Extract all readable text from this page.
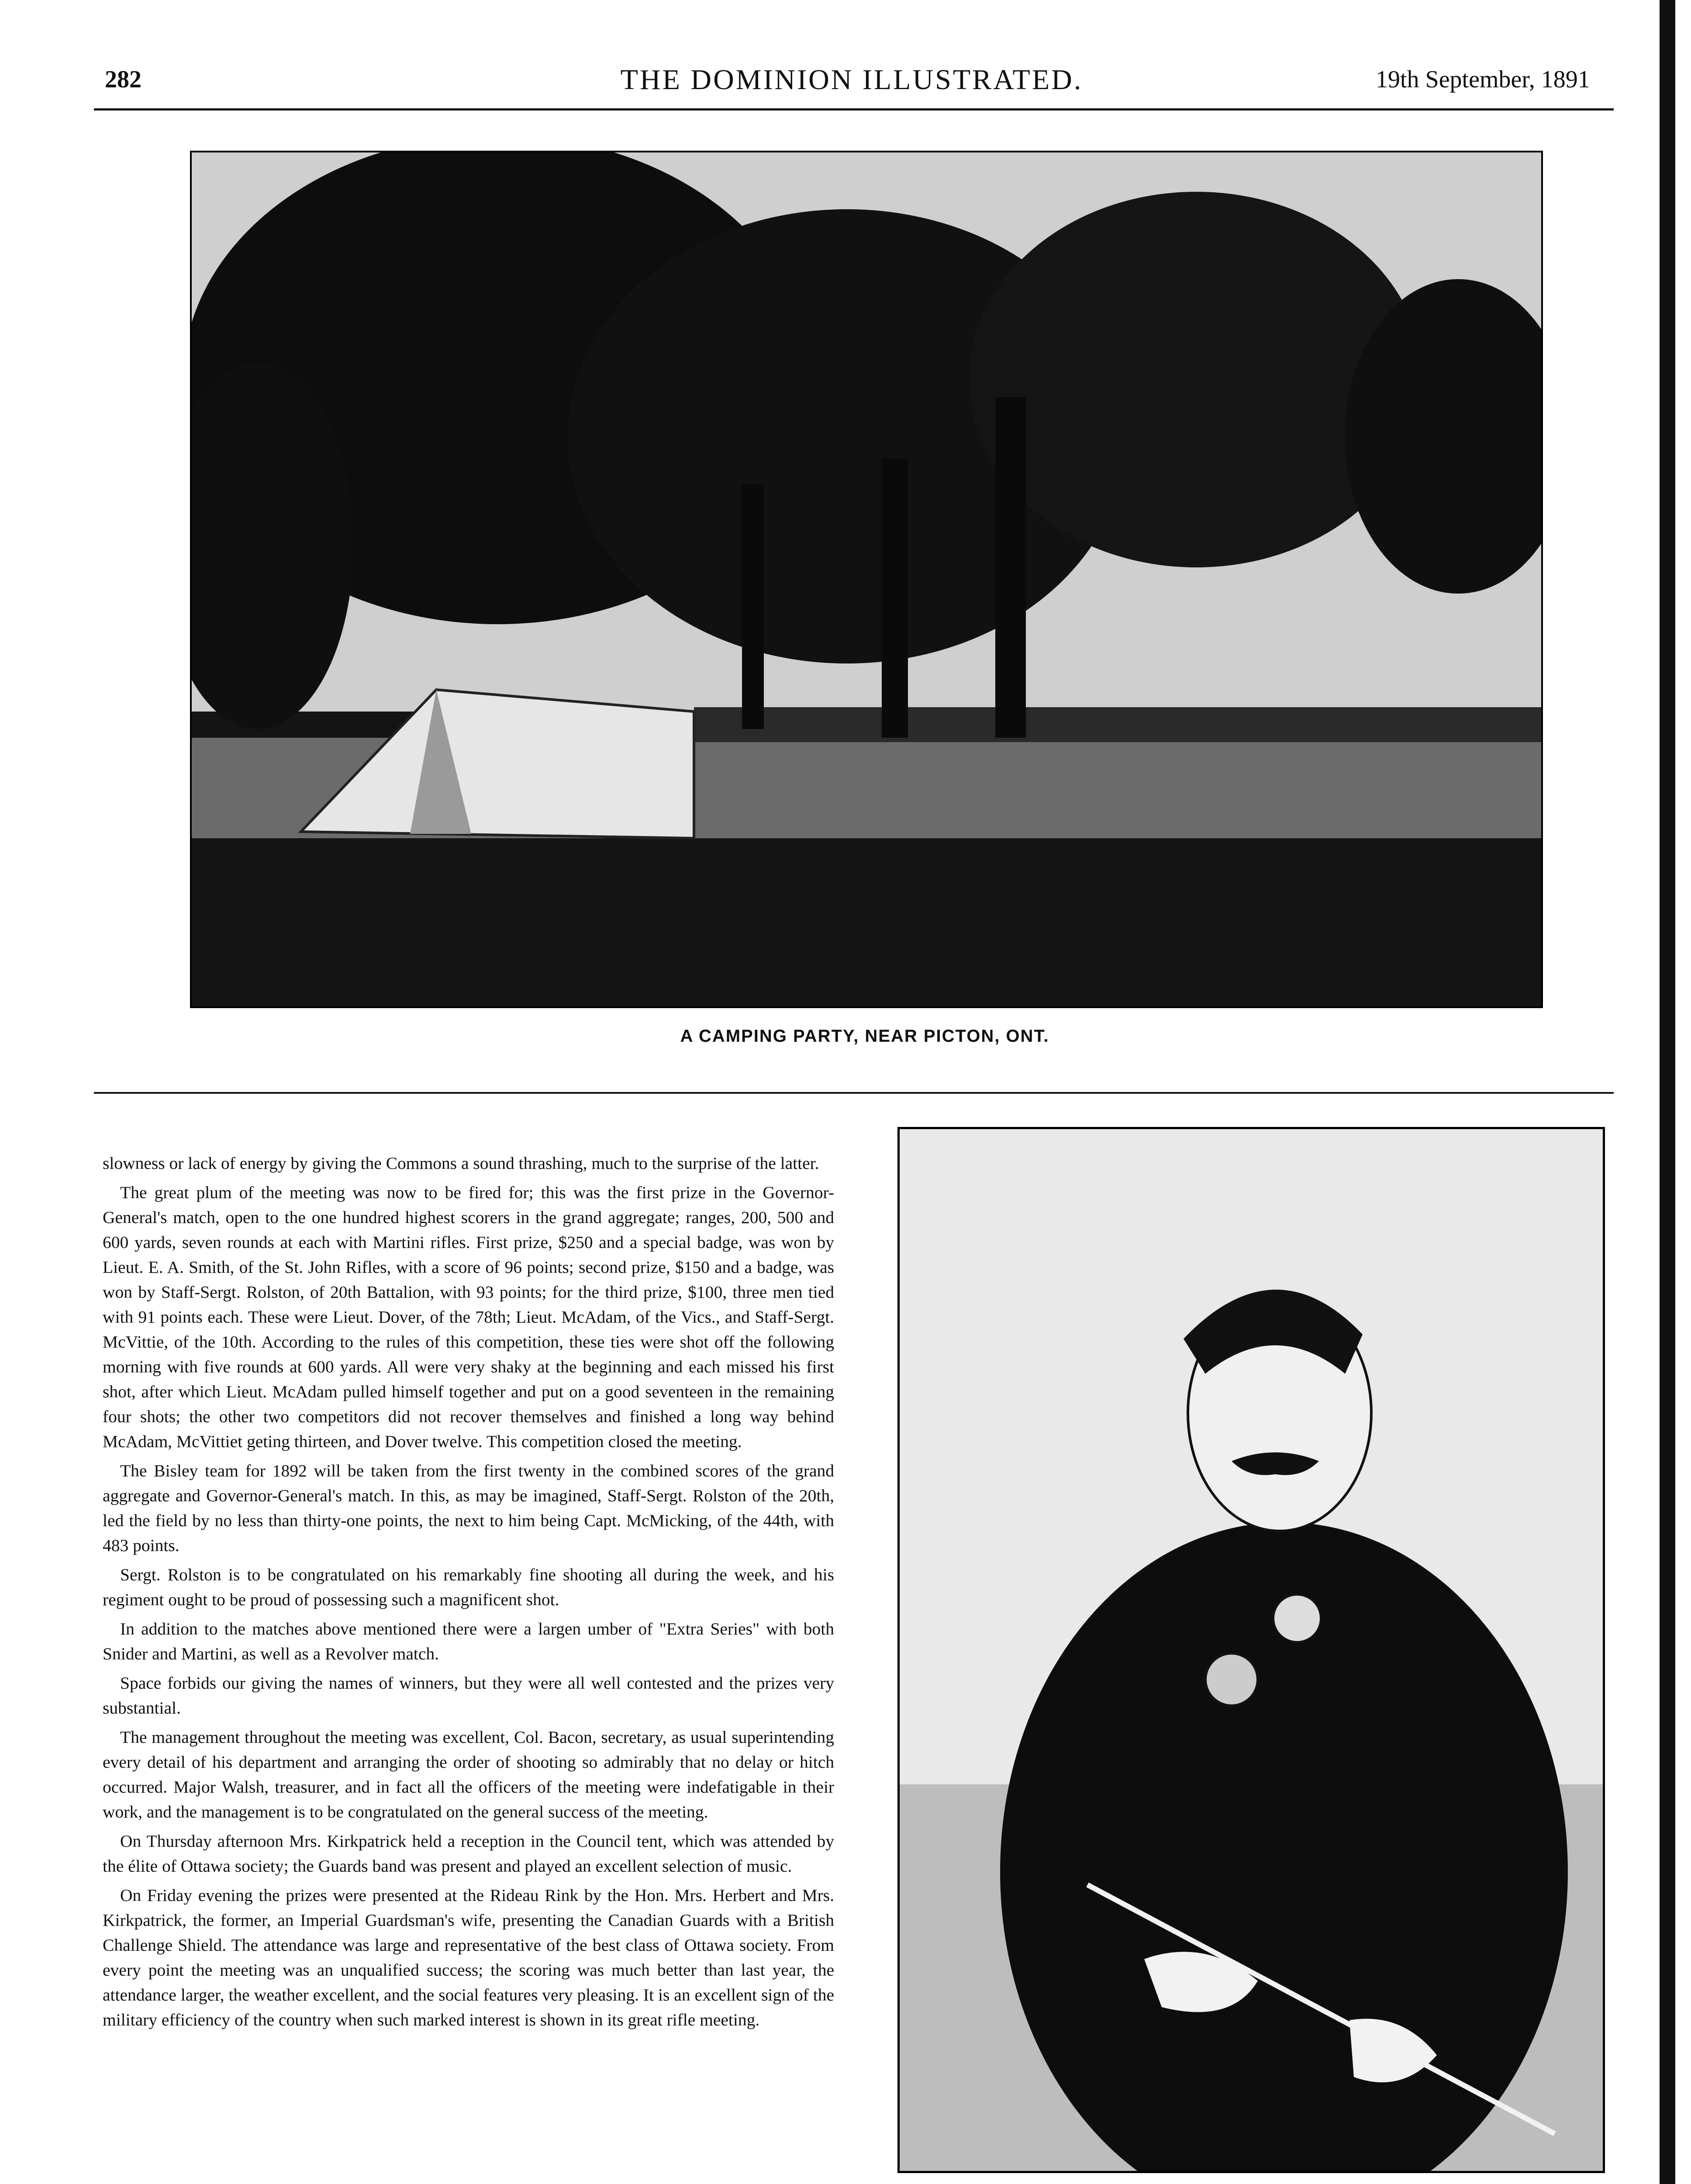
282	THE DOMINION ILLUSTRATED.	19th September, 1891
A CAMPING PARTY, NEAR PICTON, ONT.

slowness or lack of energy by giving the Commons a sound thrashing, much to the surprise of the latter.

The great plum of the meeting was now to be fired for; this was the first prize in the Governor-General's match, open to the one hundred highest scorers in the grand aggregate; ranges, 200, 500 and 600 yards, seven rounds at each with Martini rifles. First prize, $250 and a special badge, was won by Lieut. E. A. Smith, of the St. John Rifles, with a score of 96 points; second prize, $150 and a badge, was won by Staff-Sergt. Rolston, of 20th Battalion, with 93 points; for the third prize, $100, three men tied with 91 points each. These were Lieut. Dover, of the 78th; Lieut. McAdam, of the Vics., and Staff-Sergt. McVittie, of the 10th. According to the rules of this competition, these ties were shot off the following morning with five rounds at 600 yards. All were very shaky at the beginning and each missed his first shot, after which Lieut. McAdam pulled himself together and put on a good seventeen in the remaining four shots; the other two competitors did not recover themselves and finished a long way behind McAdam, McVittiet geting thirteen, and Dover twelve. This competition closed the meeting.

The Bisley team for 1892 will be taken from the first twenty in the combined scores of the grand aggregate and Governor-General's match. In this, as may be imagined, Staff-Sergt. Rolston of the 20th, led the field by no less than thirty-one points, the next to him being Capt. McMicking, of the 44th, with 483 points.

Sergt. Rolston is to be congratulated on his remarkably fine shooting all during the week, and his regiment ought to be proud of possessing such a magnificent shot.

In addition to the matches above mentioned there were a largen umber of "Extra Series" with both Snider and Martini, as well as a Revolver match.

Space forbids our giving the names of winners, but they were all well contested and the prizes very substantial.

The management throughout the meeting was excellent, Col. Bacon, secretary, as usual superintending every detail of his department and arranging the order of shooting so admirably that no delay or hitch occurred. Major Walsh, treasurer, and in fact all the officers of the meeting were indefatigable in their work, and the management is to be congratulated on the general success of the meeting.

On Thursday afternoon Mrs. Kirkpatrick held a reception in the Council tent, which was attended by the élite of Ottawa society; the Guards band was present and played an excellent selection of music.

On Friday evening the prizes were presented at the Rideau Rink by the Hon. Mrs. Herbert and Mrs. Kirkpatrick, the former, an Imperial Guardsman's wife, presenting the Canadian Guards with a British Challenge Shield. The attendance was large and representative of the best class of Ottawa society. From every point the meeting was an unqualified success; the scoring was much better than last year, the attendance larger, the weather excellent, and the social features very pleasing. It is an excellent sign of the military efficiency of the country when such marked interest is shown in its great rifle meeting.
